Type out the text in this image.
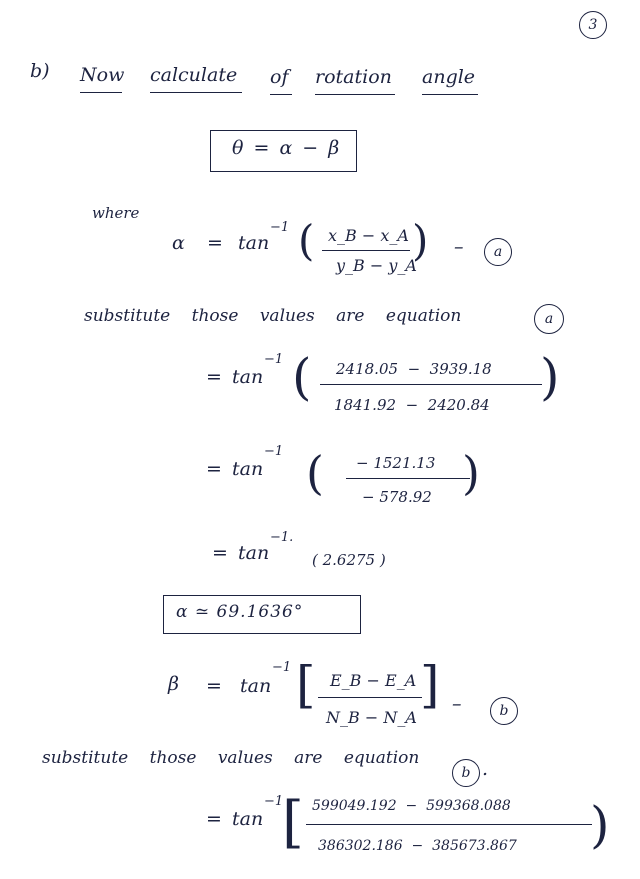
3
b) Now calculate of rotation angle
θ = α − β
where
α = tan
−1 ( x_B − x_A
y_B − y_A
) – a
substitute those values are equation	a
= tan
−1 ( 2418.05  −  3939.18
1841.92  −  2420.84 )
= tan
−1 ( − 1521.13
− 578.92 )
= tan
−1.
( 2.6275 )
α ≃ 69.1636°
β = tan
−1 [ E_B − E_A
N_B − N_A
] –	b
substitute those values are equation
b .
= tan
−1
[ 599049.192  −  599368.088
386302.186  −  385673.867 )
